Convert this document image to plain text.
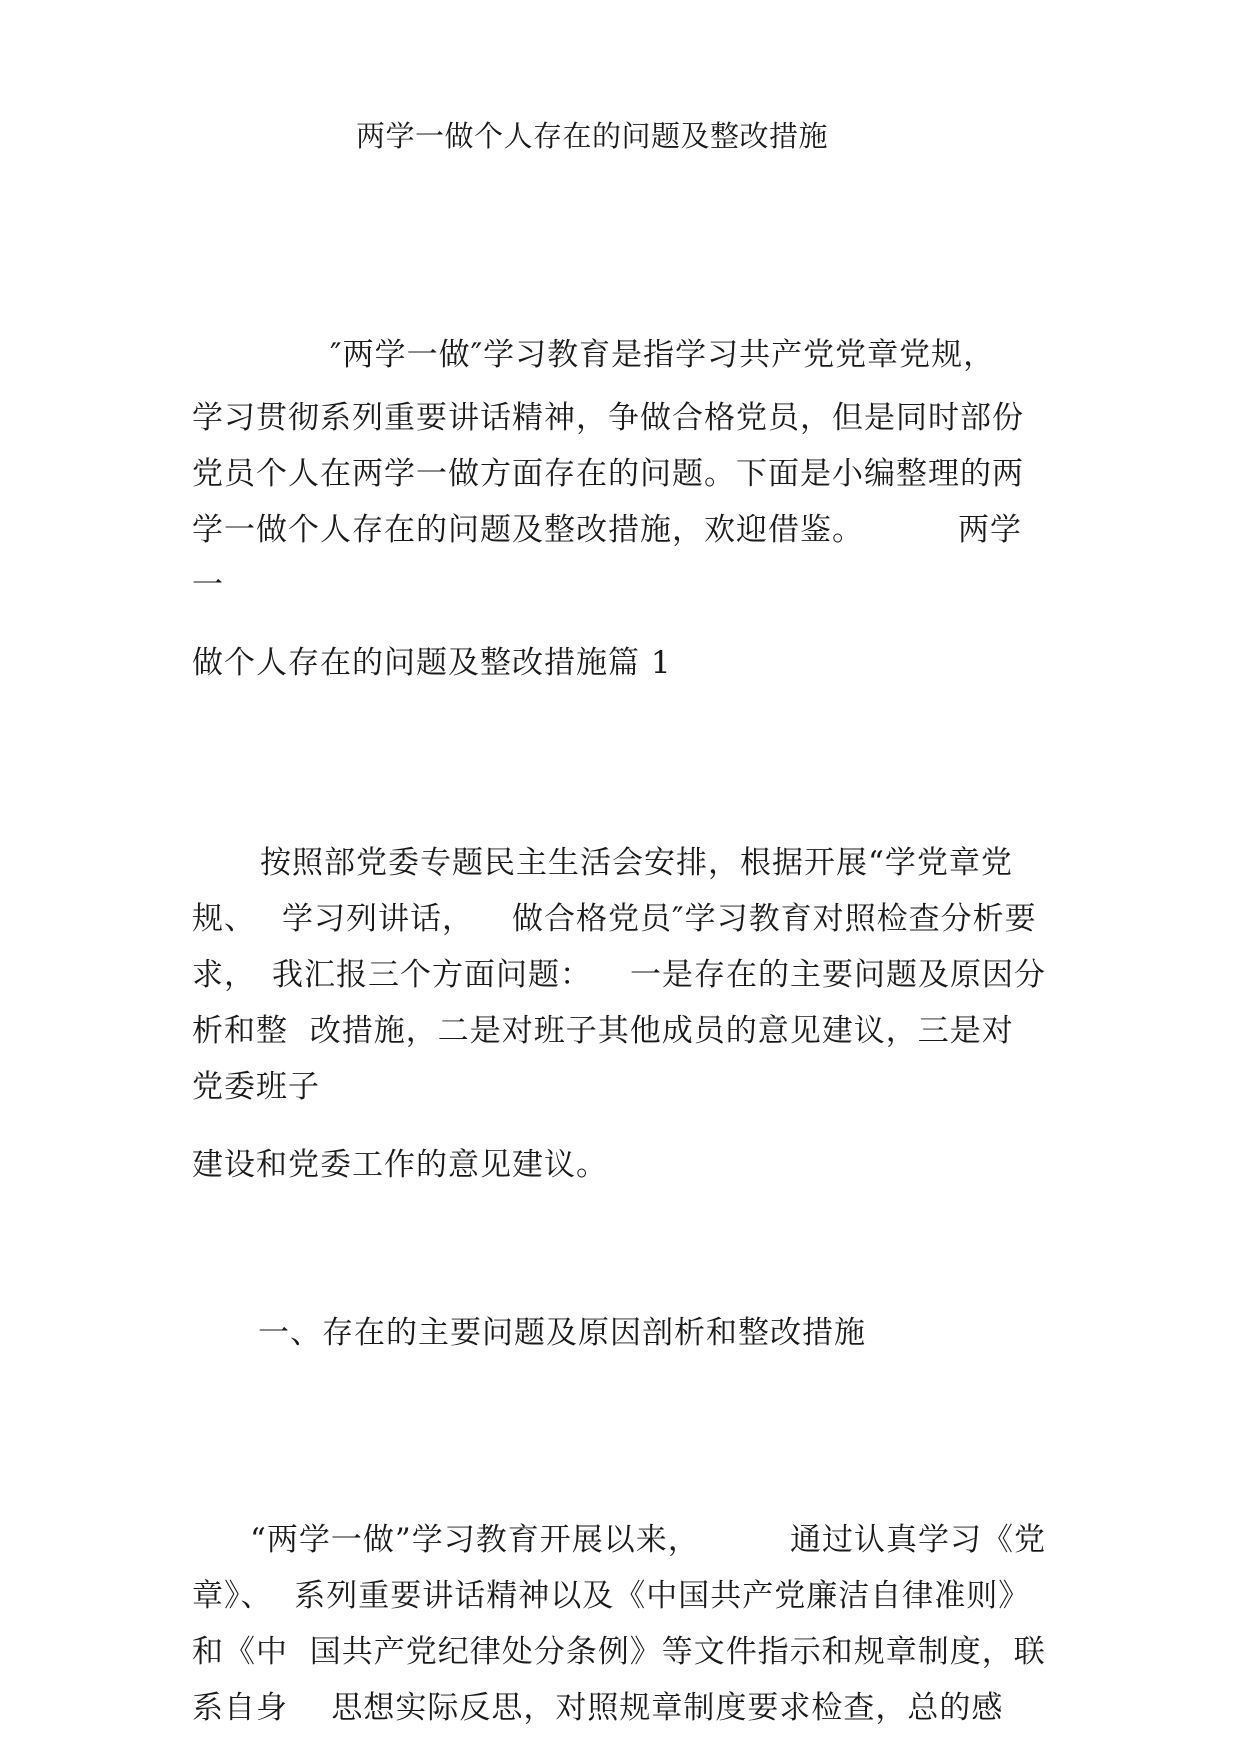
两学一做个人存在的问题及整改措施
″两学一做″学习教育是指学习共产党党章党规，
学习贯彻系列重要讲话精神，争做合格党员，但是同时部份
党员个人在两学一做方面存在的问题。下面是小编整理的两
学一做个人存在的问题及整改措施，欢迎借鉴。	两学
一
做个人存在的问题及整改措施篇 1
按照部党委专题民主生活会安排，根据开展“学党章党
规、 学习列讲话， 做合格党员″学习教育对照检查分析要
求， 我汇报三个方面问题： 一是存在的主要问题及原因分
析和整  改措施，二是对班子其他成员的意见建议，三是对
党委班子
建设和党委工作的意见建议。
一、存在的主要问题及原因剖析和整改措施
“两学一做”学习教育开展以来，	通过认真学习《党
章》、  系列重要讲话精神以及《中国共产党廉洁自律准则》
和《中  国共产党纪律处分条例》等文件指示和规章制度，联
系自身    思想实际反思，对照规章制度要求检查，总的感
